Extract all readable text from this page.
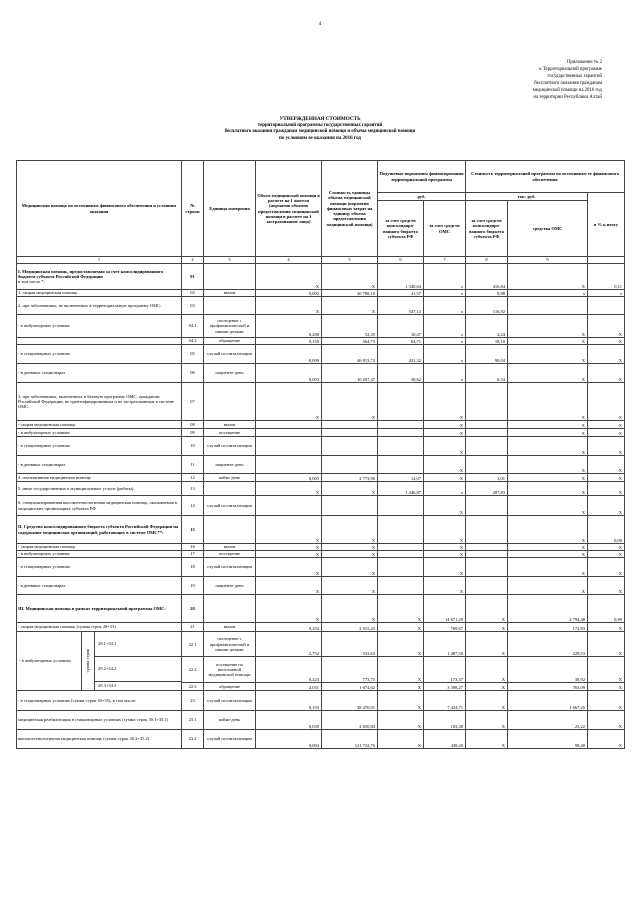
4
Приложение № 2
к Территориальной программе
государственных гарантий
бесплатного оказания гражданам
медицинской помощи на 2016 год
на территории Республики Алтай
УТВЕРЖДЕННАЯ СТОИМОСТЬ
территориальной программы государственных гарантий
бесплатного оказания гражданам медицинской помощи и объема медицинской помощи
по условиям ее оказания на 2016 год
Медицинская помощь по источникам финансового обеспечения и условиям оказания	№ строки	Единица измерения	Объем медицинской помощи в расчете на 1 жителя (норматив объемов предоставления медицинской помощи в расчете на 1 застрахованное лицо)	Стоимость единицы объема медицинской помощи (норматив финансовых затрат на единицу объема предоставления медицинской помощи)	Подушевые нормативы финансирования территориальной программы		Стоимость территориальной программы по источникам ее финансового обеспечения		
					руб.		тыс. руб.		в % к итогу
					за счет средств консолидиро-ванного бюджета субъекта РФ	за счет средств ОМС	за счет средств консолидиро-ванного бюджета субъекта РФ	средства ОМС	
1	2	3	4	5	6	7	8	9	

I. Медицинская помощь, предоставляемая за счет консолидированного бюджета субъекта Российской Федерации
в том числе *:	01		X	X	1 340,64	x	416,84	X	0,11

1. скорая медицинская помощь	02	вызов	0,002	20 798,10	41,57	x	8,88	x	x

2. при заболеваниях, не включенных в территориальную программу ОМС:	03		X	X	547,13	x	116,92		

- в амбулаторных условиях	04.1	посещение с профилактической и иными целями	0,200	52,35	10,47	x	2,24	X	X

	04.2	обращение	0,150	564,75	84,71	x	18,10	X	X

- в стационарных условиях	05	случай госпитализации	0,009	46 813,72	421,32	x	90,04	X	X

- в дневных стационарах	06	пациенто-день	0,003	10 207,47	30,62	x	6,54	X	X

3. при заболеваниях, включенных в базовую программу ОМС, гражданам Российской Федерации, не идентифицированным и не застрахованным в системе ОМС:	07		X	X		X		X	X

- скорая медицинская помощь	08	вызов				X		X	X

- в амбулаторных условиях	09	посещение				X		X	X

- в стационарных условиях	10	случай госпитализации				X		X	X

- в дневных стационарах	11	пациенто-день				X		X	X

4. паллиативная медицинская помощь	12	койко-день	0,005	2 773,90	14,07	X	3,01	X	X

5. иные государственные и муниципальные услуги (работы)	13		X	X	1 346,87	x	287,83	X	X

6. специализированная высокотехнологичная медицинская помощь, оказываемая в медицинских организациях субъекта РФ	14	случай госпитализации				X		X	X

II. Средства консолидированного бюджета субъекта Российской Федерации на содержание медицинских организаций, работающих в системе ОМС**:	15		X	X		X		X	0,00

- скорая медицинская помощь	16	вызов	X	X		X		X	X

- в амбулаторных условиях	17	посещение	X	X		X		X	X

- в стационарных условиях	18	случай госпитализации	X	X		X		X	X

- в дневных стационарах	19	пациенто-день	X	X		X		X	X

III. Медицинская помощь в рамках территориальной программы ОМС:	20		X	X	X	14 671,20	X	2 794,48	0,89

- скорая медицинская помощь (сумма строк 28+33)	21	вызов	0,254	2 915,43	X	769,67	X	172,83	X

- в амбулаторных условиях сумма строк
29.1+34.1
29.2+34.2
29.3+34.3	22.1	посещение с профилактической и иными целями	2,752	533,63	X	1 487,50	X	329,53	X
	22.2	посещение по неотложной медицинской помощи	0,224	773,75	X	173,37	X	38,92	X
	22.3	обращение	2,031	1 674,62	X	3 398,27	X	763,09	X

- в стационарных условиях (сумма строк 30+35), в том числе:	23	случай госпитализации	0,193	38 470,01	X	7 424,71	X	1 667,25	X

медицинская реабилитация в стационарных условиях (сумма строк 30.1+35.1)	23.1	койко-день	0,039	2 650,84	X	103,38	X	23,22	X

высокотехнологичная медицинская помощь (сумма строк 30.2+35.2)	23.2	случай госпитализации	0,004	121 722,76	X	438,20	X	98,40	X
